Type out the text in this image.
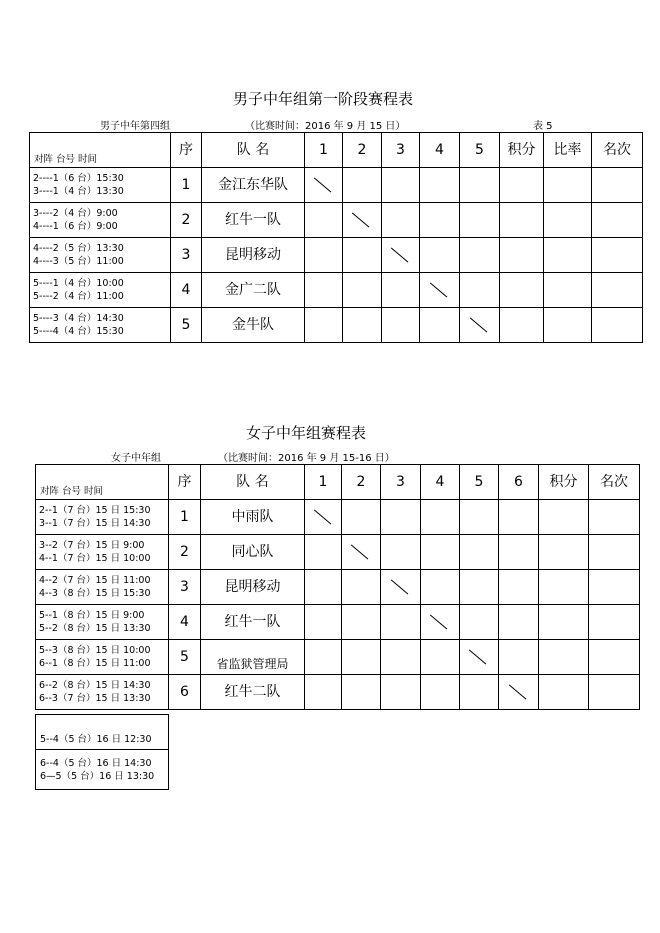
男子中年组第一阶段赛程表
男子中年第四组	（比赛时间：2016 年 9 月 15 日）	表 5
对阵 台号 时间	序	队 名	1	2	3	4	5	积分	比率	名次

2----1（6 台）15:30
3----1（4 台）13:30	1	金江东华队	

3----2（4 台）9:00
4----1（6 台）9:00	2	红牛一队		

4----2（5 台）13:30
4----3（5 台）11:00	3	昆明移动			

5----1（4 台）10:00
5----2（4 台）11:00	4	金广二队				

5----3（4 台）14:30
5----4（4 台）15:30	5	金牛队					

女子中年组赛程表
女子中年组	（比赛时间：2016 年 9 月 15-16 日）
对阵 台号 时间	序	队 名	1	2	3	4	5	6	积分	名次

2--1（7 台）15 日 15:30
3--1（7 台）15 日 14:30	1	中雨队	

3--2（7 台）15 日 9:00
4--1（7 台）15 日 10:00	2	同心队		

4--2（7 台）15 日 11:00
4--3（8 台）15 日 15:30	3	昆明移动			

5--1（8 台）15 日 9:00
5--2（8 台）15 日 13:30	4	红牛一队				

5--3（8 台）15 日 10:00
6--1（8 台）15 日 11:00	5	省监狱管理局					

6--2（8 台）15 日 14:30
6--3（7 台）15 日 13:30	6	红牛二队						

5--4（5 台）16 日 12:30

6--4（5 台）16 日 14:30
6—5（5 台）16 日 13:30
